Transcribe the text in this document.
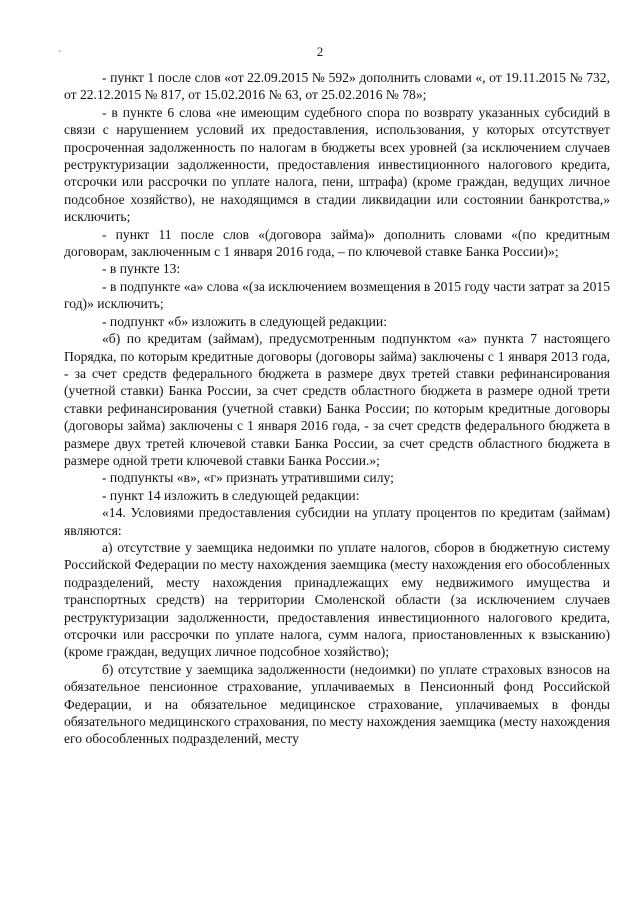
`	2

- пункт 1 после слов «от 22.09.2015 № 592» дополнить словами «, от 19.11.2015 № 732, от 22.12.2015 № 817, от 15.02.2016 № 63, от 25.02.2016 № 78»;

- в пункте 6 слова «не имеющим судебного спора по возврату указанных субсидий в связи с нарушением условий их предоставления, использования, у которых отсутствует просроченная задолженность по налогам в бюджеты всех уровней (за исключением случаев реструктуризации задолженности, предоставления инвестиционного налогового кредита, отсрочки или рассрочки по уплате налога, пени, штрафа) (кроме граждан, ведущих личное подсобное хозяйство), не находящимся в стадии ликвидации или состоянии банкротства,» исключить;

- пункт 11 после слов «(договора займа)» дополнить словами «(по кредитным договорам, заключенным с 1 января 2016 года, – по ключевой ставке Банка России)»;

- в пункте 13:

- в подпункте «а» слова «(за исключением возмещения в 2015 году части затрат за 2015 год)» исключить;

- подпункт «б» изложить в следующей редакции:

«б) по кредитам (займам), предусмотренным подпунктом «а» пункта 7 настоящего Порядка, по которым кредитные договоры (договоры займа) заключены с 1 января 2013 года, - за счет средств федерального бюджета в размере двух третей ставки рефинансирования (учетной ставки) Банка России, за счет средств областного бюджета в размере одной трети ставки рефинансирования (учетной ставки) Банка России; по которым кредитные договоры (договоры займа) заключены с 1 января 2016 года, - за счет средств федерального бюджета в размере двух третей ключевой ставки Банка России, за счет средств областного бюджета в размере одной трети ключевой ставки Банка России.»;

- подпункты «в», «г» признать утратившими силу;

- пункт 14 изложить в следующей редакции:

«14. Условиями предоставления субсидии на уплату процентов по кредитам (займам) являются:

а) отсутствие у заемщика недоимки по уплате налогов, сборов в бюджетную систему Российской Федерации по месту нахождения заемщика (месту нахождения его обособленных подразделений, месту нахождения принадлежащих ему недвижимого имущества и транспортных средств) на территории Смоленской области (за исключением случаев реструктуризации задолженности, предоставления инвестиционного налогового кредита, отсрочки или рассрочки по уплате налога, сумм налога, приостановленных к взысканию) (кроме граждан, ведущих личное подсобное хозяйство);

б) отсутствие у заемщика задолженности (недоимки) по уплате страховых взносов на обязательное пенсионное страхование, уплачиваемых в Пенсионный фонд Российской Федерации, и на обязательное медицинское страхование, уплачиваемых в фонды обязательного медицинского страхования, по месту нахождения заемщика (месту нахождения его обособленных подразделений, месту
